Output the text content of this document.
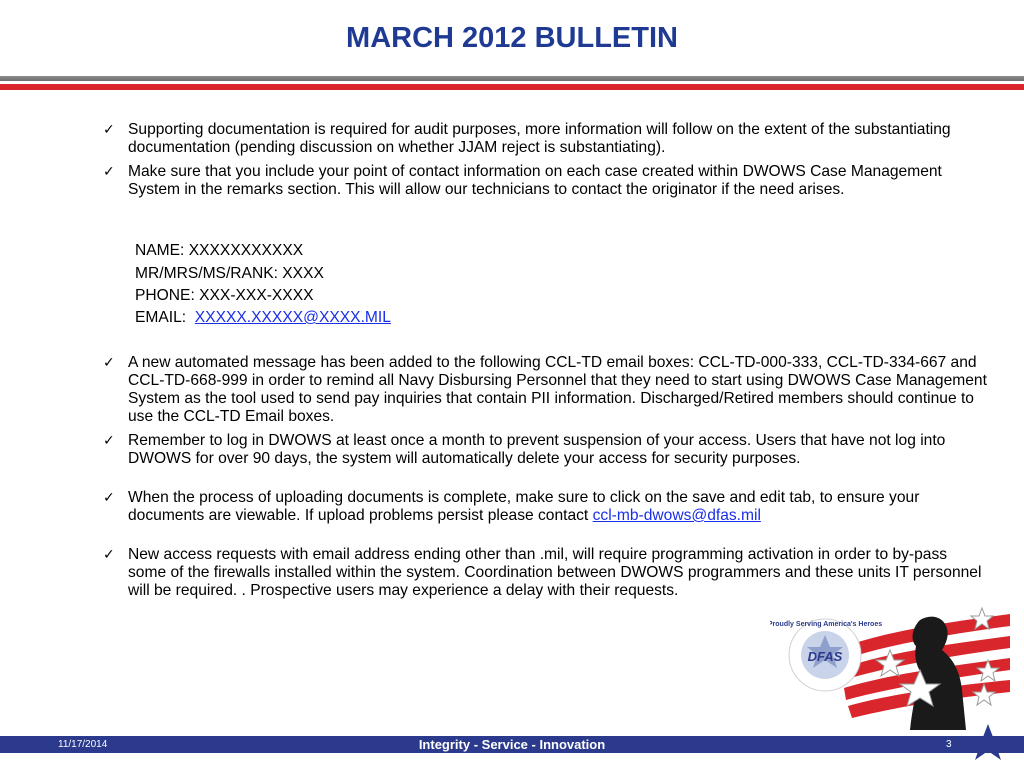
MARCH 2012 BULLETIN
✓ Supporting documentation is required for audit purposes, more information will follow on the extent of the substantiating documentation (pending discussion on whether JJAM reject is substantiating).
✓ Make sure that you include your point of contact information on each case created within DWOWS Case Management System in the remarks section. This will allow our technicians to contact the originator if the need arises.
NAME: XXXXXXXXXXX
MR/MRS/MS/RANK: XXXX
PHONE: XXX-XXX-XXXX
EMAIL:  XXXXX.XXXXX@XXXX.MIL
✓ A new automated message has been added to the following CCL-TD email boxes: CCL-TD-000-333, CCL-TD-334-667 and CCL-TD-668-999 in order to remind all Navy Disbursing Personnel that they need to start using DWOWS Case Management System as the tool used to send pay inquiries that contain PII information. Discharged/Retired members should continue to use the CCL-TD Email boxes.
✓ Remember to log in DWOWS at least once a month to prevent suspension of your access. Users that have not log into DWOWS for over 90 days, the system will automatically delete your access for security purposes.
✓ When the process of uploading documents is complete, make sure to click on the save and edit tab, to ensure your documents are viewable. If upload problems persist please contact ccl-mb-dwows@dfas.mil
✓ New access requests with email address ending other than .mil, will require programming activation in order to by-pass some of the firewalls installed within the system. Coordination between DWOWS programmers and these units IT personnel will be required. . Prospective users may experience a delay with their requests.
DFAS
Proudly Serving America's Heroes
11/17/2014	Integrity - Service - Innovation	3
